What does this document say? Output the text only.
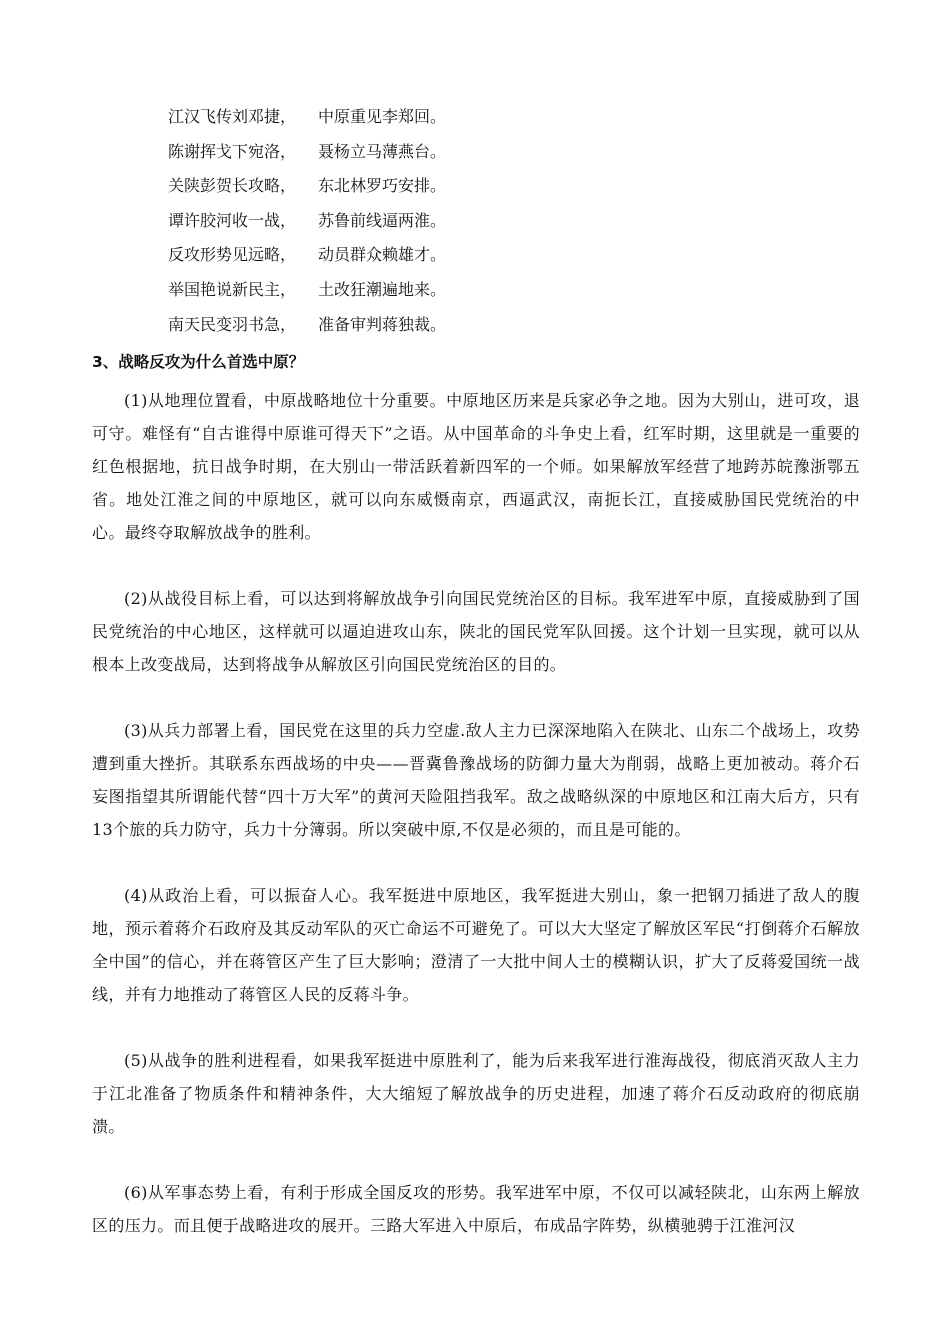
江汉飞传刘邓捷， 中原重见李郑回。
陈谢挥戈下宛洛， 聂杨立马薄燕台。
关陕彭贺长攻略， 东北林罗巧安排。
谭许胶河收一战， 苏鲁前线逼两淮。
反攻形势见远略， 动员群众赖雄才。
举国艳说新民主， 土改狂潮遍地来。
南天民变羽书急， 准备审判蒋独裁。
3、战略反攻为什么首选中原？

(1)从地理位置看，中原战略地位十分重要。中原地区历来是兵家必争之地。因为大别山，进可攻，退可守。难怪有“自古谁得中原谁可得天下”之语。从中国革命的斗争史上看，红军时期，这里就是一重要的红色根据地，抗日战争时期，在大别山一带活跃着新四军的一个师。如果解放军经营了地跨苏皖豫浙鄂五省。地处江淮之间的中原地区，就可以向东威慑南京，西逼武汉，南扼长江，直接威胁国民党统治的中心。最终夺取解放战争的胜利。

(2)从战役目标上看，可以达到将解放战争引向国民党统治区的目标。我军进军中原，直接威胁到了国民党统治的中心地区，这样就可以逼迫进攻山东，陕北的国民党军队回援。这个计划一旦实现，就可以从根本上改变战局，达到将战争从解放区引向国民党统治区的目的。

(3)从兵力部署上看，国民党在这里的兵力空虚.敌人主力已深深地陷入在陕北、山东二个战场上，攻势遭到重大挫折。其联系东西战场的中央——晋冀鲁豫战场的防御力量大为削弱，战略上更加被动。蒋介石妄图指望其所谓能代替“四十万大军”的黄河天险阻挡我军。敌之战略纵深的中原地区和江南大后方，只有13个旅的兵力防守，兵力十分簿弱。所以突破中原,不仅是必须的，而且是可能的。

(4)从政治上看，可以振奋人心。我军挺进中原地区，我军挺进大别山，象一把钢刀插进了敌人的腹地，预示着蒋介石政府及其反动军队的灭亡命运不可避免了。可以大大坚定了解放区军民“打倒蒋介石解放全中国”的信心，并在蒋管区产生了巨大影响；澄清了一大批中间人士的模糊认识，扩大了反蒋爱国统一战线，并有力地推动了蒋管区人民的反蒋斗争。

(5)从战争的胜利进程看，如果我军挺进中原胜利了，能为后来我军进行淮海战役，彻底消灭敌人主力于江北准备了物质条件和精神条件，大大缩短了解放战争的历史进程，加速了蒋介石反动政府的彻底崩溃。

(6)从军事态势上看，有利于形成全国反攻的形势。我军进军中原，不仅可以减轻陕北，山东两上解放区的压力。而且便于战略进攻的展开。三路大军进入中原后，布成品字阵势，纵横驰骋于江淮河汉
